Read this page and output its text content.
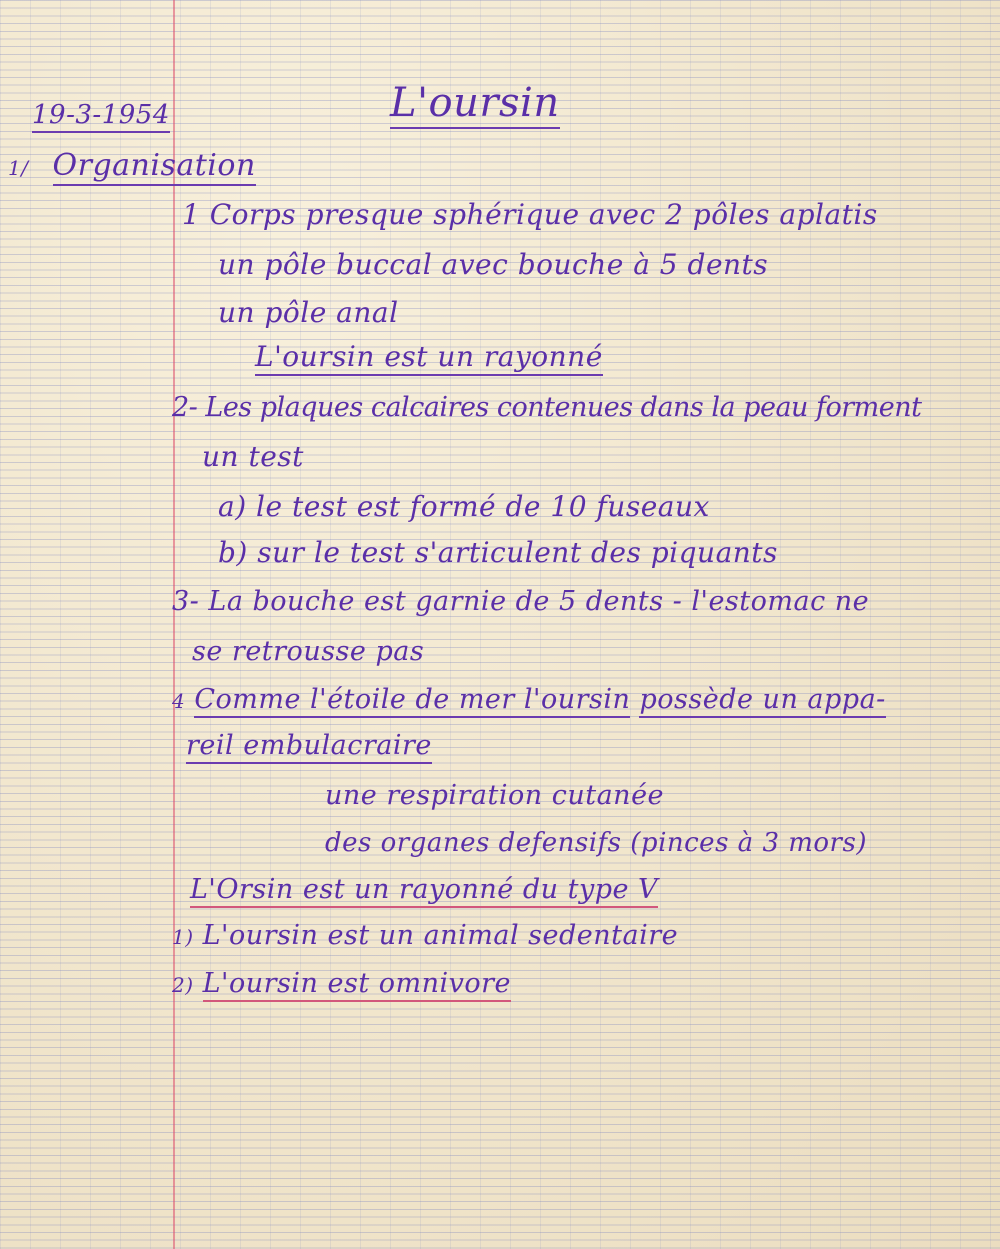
19-3-1954	L'oursin
1/ Organisation
1 Corps presque sphérique avec 2 pôles aplatis
un pôle buccal avec bouche à 5 dents
un pôle anal
L'oursin est un rayonné
2- Les plaques calcaires contenues dans la peau forment
un test
a) le test est formé de 10 fuseaux
b) sur le test s'articulent des piquants
3- La bouche est garnie de 5 dents - l'estomac ne
se retrousse pas
4 Comme l'étoile de mer l'oursin possède un appa-
reil embulacraire
une respiration cutanée
des organes defensifs (pinces à 3 mors)
L'Orsin est un rayonné du type V
1) L'oursin est un animal sedentaire
2) L'oursin est omnivore
